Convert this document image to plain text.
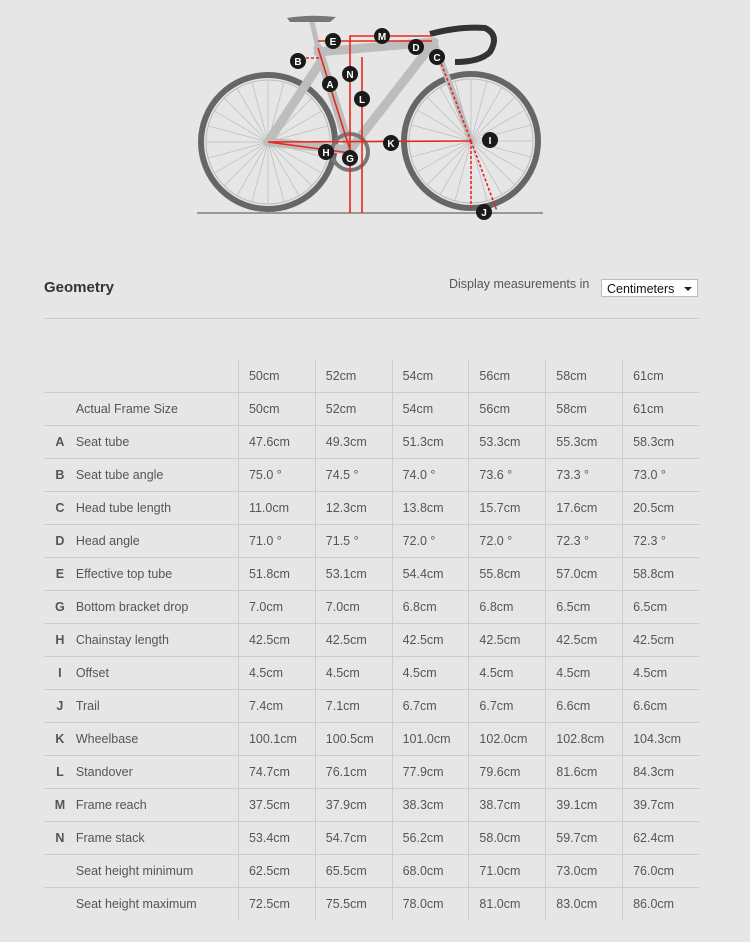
A
B	C
D
E
G
H
I
J
K
L
M
N
Geometry	Display measurements in	Centimeters
		50cm	52cm	54cm	56cm	58cm	61cm
	Actual Frame Size	50cm	52cm	54cm	56cm	58cm	61cm
A	Seat tube	47.6cm	49.3cm	51.3cm	53.3cm	55.3cm	58.3cm
B	Seat tube angle	75.0 °	74.5 °	74.0 °	73.6 °	73.3 °	73.0 °
C	Head tube length	11.0cm	12.3cm	13.8cm	15.7cm	17.6cm	20.5cm
D	Head angle	71.0 °	71.5 °	72.0 °	72.0 °	72.3 °	72.3 °
E	Effective top tube	51.8cm	53.1cm	54.4cm	55.8cm	57.0cm	58.8cm
G	Bottom bracket drop	7.0cm	7.0cm	6.8cm	6.8cm	6.5cm	6.5cm
H	Chainstay length	42.5cm	42.5cm	42.5cm	42.5cm	42.5cm	42.5cm
I	Offset	4.5cm	4.5cm	4.5cm	4.5cm	4.5cm	4.5cm
J	Trail	7.4cm	7.1cm	6.7cm	6.7cm	6.6cm	6.6cm
K	Wheelbase	100.1cm	100.5cm	101.0cm	102.0cm	102.8cm	104.3cm
L	Standover	74.7cm	76.1cm	77.9cm	79.6cm	81.6cm	84.3cm
M	Frame reach	37.5cm	37.9cm	38.3cm	38.7cm	39.1cm	39.7cm
N	Frame stack	53.4cm	54.7cm	56.2cm	58.0cm	59.7cm	62.4cm
	Seat height minimum	62.5cm	65.5cm	68.0cm	71.0cm	73.0cm	76.0cm
	Seat height maximum	72.5cm	75.5cm	78.0cm	81.0cm	83.0cm	86.0cm
